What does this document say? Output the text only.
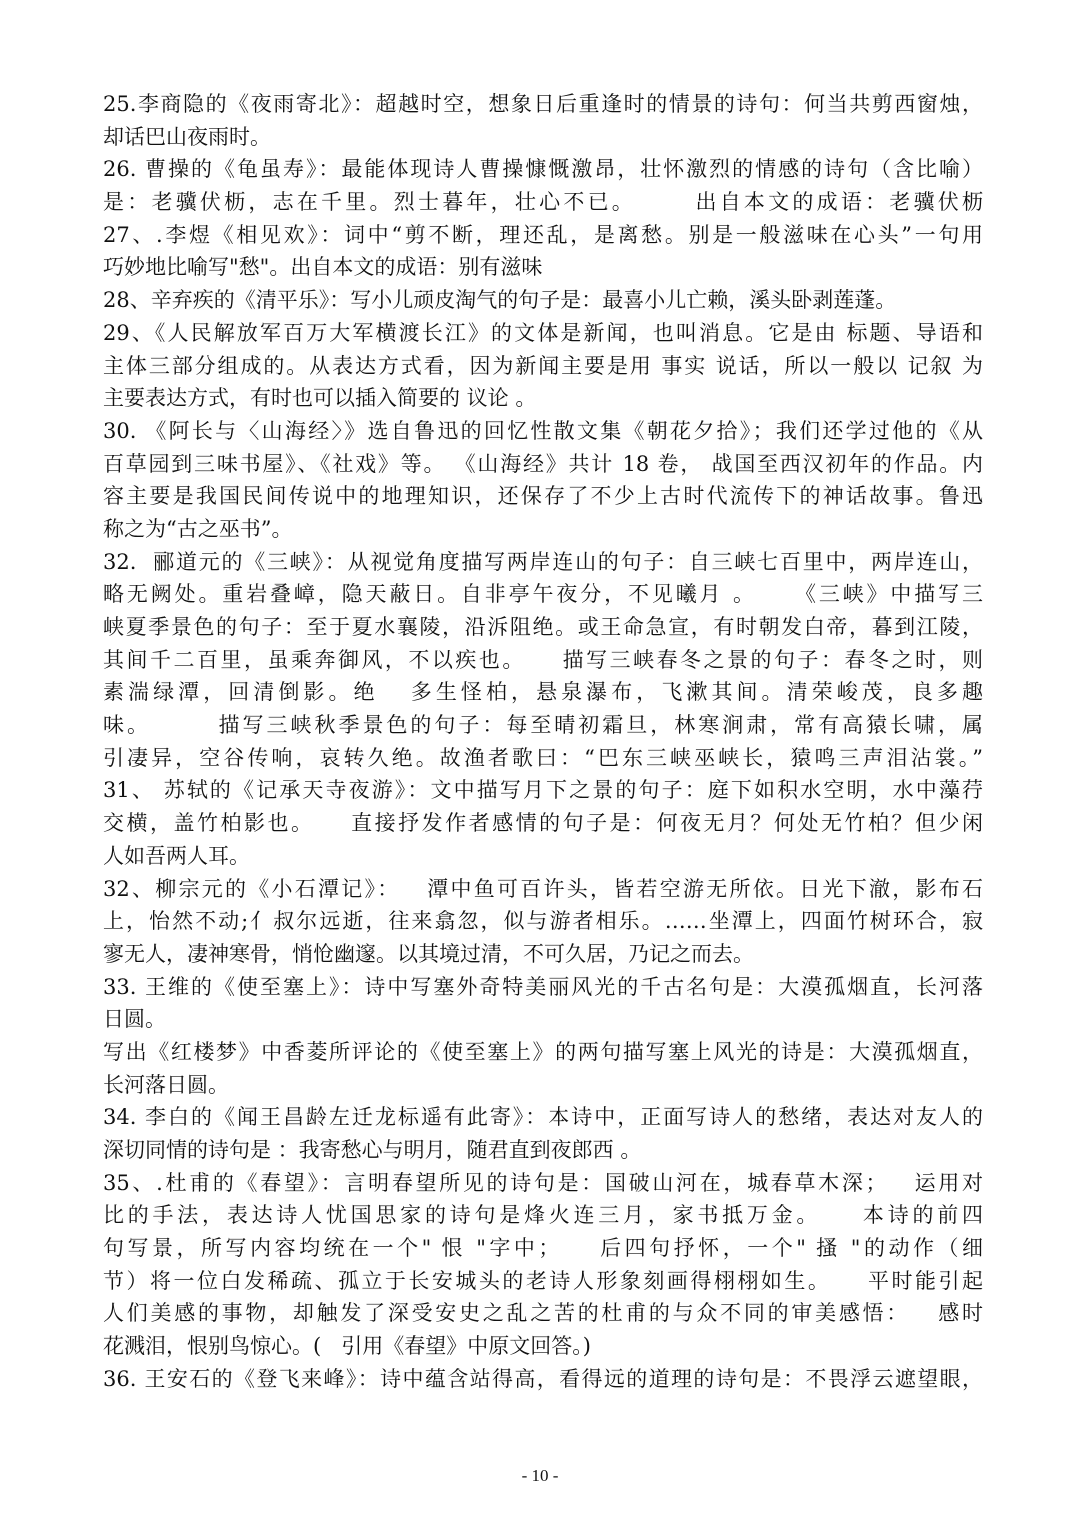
25.李商隐的《夜雨寄北》：超越时空，想象日后重逢时的情景的诗句：何当共剪西窗烛，
却话巴山夜雨时。
26. 曹操的《龟虽寿》：最能体现诗人曹操慷慨激昂，壮怀激烈的情感的诗句（含比喻）
是：老骥伏枥，志在千里。烈士暮年，壮心不已。      出自本文的成语：老骥伏枥
27、.李煜《相见欢》：词中“剪不断，理还乱，是离愁。别是一般滋味在心头”一句用
巧妙地比喻写"愁"。出自本文的成语：别有滋味
28、辛弃疾的《清平乐》：写小儿顽皮淘气的句子是：最喜小儿亡赖，溪头卧剥莲蓬。
29、《人民解放军百万大军横渡长江》的文体是新闻，也叫消息。它是由 标题、导语和
主体三部分组成的。从表达方式看，因为新闻主要是用 事实 说话，所以一般以 记叙 为
主要表达方式，有时也可以插入简要的 议论 。
30. 《阿长与〈山海经〉》选自鲁迅的回忆性散文集《朝花夕拾》；我们还学过他的《从
百草园到三味书屋》、《社戏》等。 《山海经》共计 18 卷， 战国至西汉初年的作品。内
容主要是我国民间传说中的地理知识，还保存了不少上古时代流传下的神话故事。鲁迅
称之为“古之巫书”。
32.  郦道元的《三峡》：从视觉角度描写两岸连山的句子：自三峡七百里中，两岸连山，
略无阙处。重岩叠嶂，隐天蔽日。自非亭午夜分，不见曦月 。    《三峡》中描写三
峡夏季景色的句子：至于夏水襄陵，沿泝阻绝。或王命急宣，有时朝发白帝，暮到江陵，
其间千二百里，虽乘奔御风，不以疾也。    描写三峡春冬之景的句子：春冬之时，则
素湍绿潭，回清倒影。绝   多生怪柏，悬泉瀑布，飞漱其间。清荣峻茂，良多趣
味。       描写三峡秋季景色的句子：每至晴初霜旦，林寒涧肃，常有高猿长啸，属
引凄异，空谷传响，哀转久绝。故渔者歌曰：“巴东三峡巫峡长，猿鸣三声泪沾裳。”
31、 苏轼的《记承天寺夜游》：文中描写月下之景的句子：庭下如积水空明，水中藻荇
交横，盖竹柏影也。    直接抒发作者感情的句子是：何夜无月？何处无竹柏？但少闲
人如吾两人耳。
32、柳宗元的《小石潭记》：   潭中鱼可百许头，皆若空游无所依。日光下澈，影布石
上，怡然不动;亻叔尔远逝，往来翕忽，似与游者相乐。……坐潭上，四面竹树环合，寂
寥无人，凄神寒骨，悄怆幽邃。以其境过清，不可久居，乃记之而去。
33. 王维的《使至塞上》：诗中写塞外奇特美丽风光的千古名句是：大漠孤烟直，长河落
日圆。
写出《红楼梦》中香菱所评论的《使至塞上》的两句描写塞上风光的诗是：大漠孤烟直，
长河落日圆。
34. 李白的《闻王昌龄左迁龙标遥有此寄》：本诗中，正面写诗人的愁绪，表达对友人的
深切同情的诗句是 ：我寄愁心与明月，随君直到夜郎西 。
35、.杜甫的《春望》：言明春望所见的诗句是：国破山河在，城春草木深；   运用对
比的手法，表达诗人忧国思家的诗句是烽火连三月，家书抵万金。    本诗的前四
句写景，所写内容均统在一个" 恨 "字中；    后四句抒怀，一个" 搔 "的动作（细
节）将一位白发稀疏、孤立于长安城头的老诗人形象刻画得栩栩如生。    平时能引起
人们美感的事物，却触发了深受安史之乱之苦的杜甫的与众不同的审美感悟：   感时
花溅泪，恨别鸟惊心。(   引用《春望》中原文回答。)
36. 王安石的《登飞来峰》：诗中蕴含站得高，看得远的道理的诗句是：不畏浮云遮望眼，
- 10 -
